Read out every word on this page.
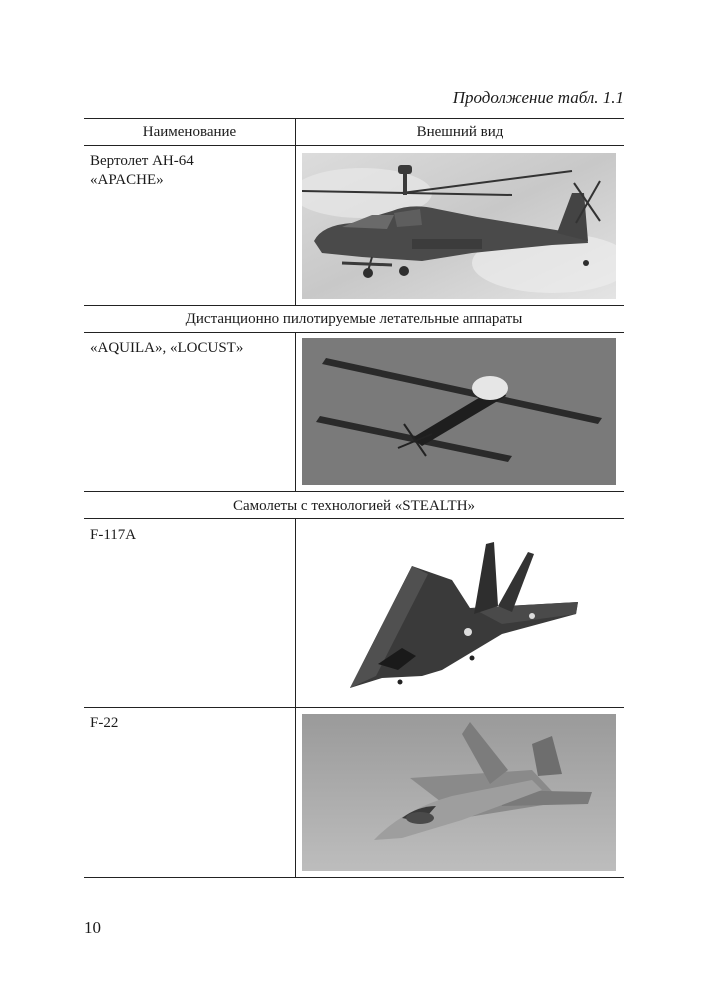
Продолжение табл. 1.1
Наименование	Внешний вид
Вертолет АН-64
«APACHE»
Дистанционно пилотируемые летательные аппараты
«AQUILA», «LOCUST»
Самолеты с технологией «STEALTH»
F-117A
F-22
10
